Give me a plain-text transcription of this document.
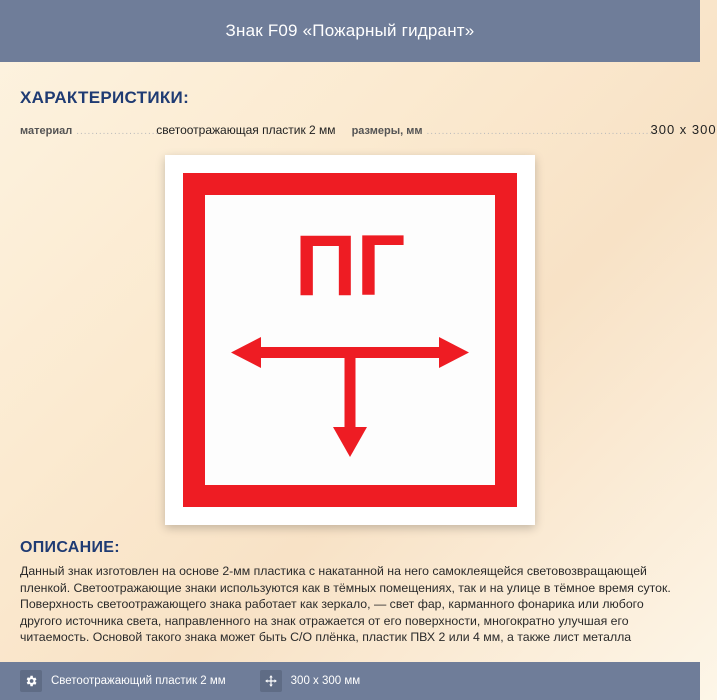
Знак F09 «Пожарный гидрант»
ХАРАКТЕРИСТИКИ:
материал ......................
светоотражающая пластик 2 мм размеры, мм .................................................................
300 x 300
ПГ
ОПИСАНИЕ:
Данный знак изготовлен на основе 2-мм пластика с накатанной на него самоклеящейся световозвращающей пленкой. Светоотражающие знаки используются как в тёмных помещениях, так и на улице в тёмное время суток. Поверхность светоотражающего знака работает как зеркало, — свет фар, карманного фонарика или любого другого источника света, направленного на знак отражается от его поверхности, многократно улучшая его читаемость. Основой такого знака может быть С/О плёнка, пластик ПВХ 2 или 4 мм, а также лист металла
Светоотражающий пластик 2 мм	300 x 300 мм
